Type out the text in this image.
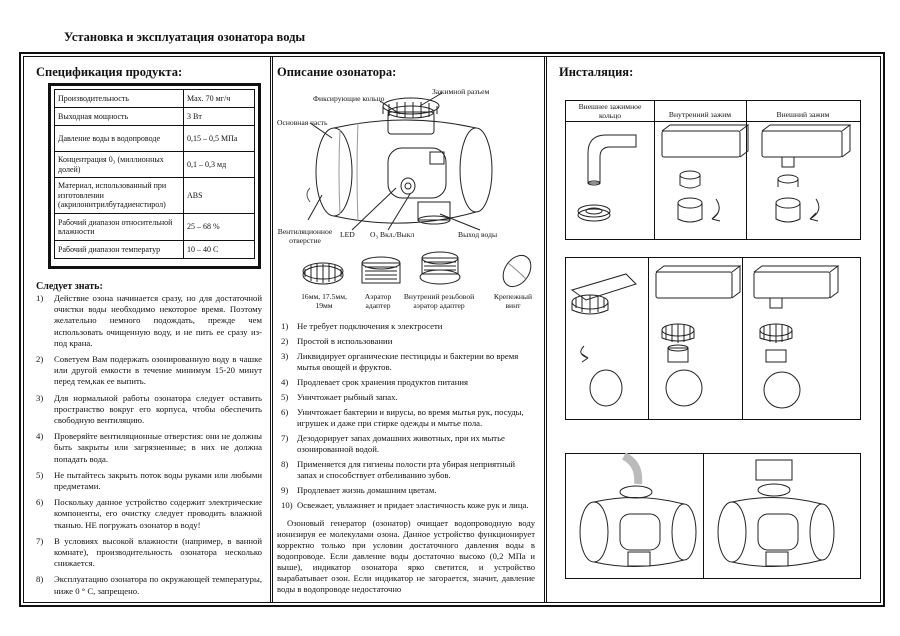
Установка и эксплуатация озонатора воды
Спецификация продукта:
Производительность	Max. 70 мг/ч
Выходная мощность	3 Вт
Давление воды в водопроводе	0,15 – 0,5 МПа
Концентрация 0₃ (миллионных долей)	0,1 – 0,3 мд
Материал, использованный при изготовлении (акрилонитрилбутадиенстирол)	ABS
Рабочий диапазон относительной влажности	25 – 68 %
Рабочий диапазон температур	10 – 40 С
Следует знать:
1) Действие озона начинается сразу, но для достаточной очистки воды необходимо некоторое время. Поэтому желательно немного подождать, прежде чем использовать очищенную воду, и не пить ее сразу из-под крана.
2) Советуем Вам подержать озонированную воду в чашке или другой емкости в течение минимум 15-20 минут перед тем,как ее выпить.
3) Для нормальной работы озонатора следует оставить пространство вокруг его корпуса, чтобы обеспечить свободную вентиляцию.
4) Проверяйте вентиляционные отверстия: они не должны быть закрыты или загрязненные; в них не должна попадать вода.
5) Не пытайтесь закрыть поток воды руками или любыми предметами.
6) Поскольку данное устройство содержит электрические компоненты, его очистку следует проводить влажной тканью. НЕ погружать озонатор в воду!
7) В условиях высокой влажности (например, в ванной комнате), производительность озонатора несколько снижается.
8) Эксплуатацию озонатора по окружающей температуры, ниже 0 ° С, запрещено.
Описание озонатора:
Зажимной разъем
Фиксирующие кольцо
Основная часть
Вентиляционное отверстие
LED O₃ Вкл./Выкл	Выход воды
16мм, 17.5мм, 19мм
Аэратор адаптер
Внутрений резьбовой аэратор адаптер
Крепежный винт
1) Не требует подключения к электросети
2) Простой в использовании
3) Ликвидирует органические пестициды и бактерии во время мытья овощей и фруктов.
4) Продлевает срок хранения продуктов питания
5) Уничтожает рыбный запах.
6) Уничтожает бактерии и вирусы, во время мытья рук, посуды, игрушек и даже при стирке одежды и мытье пола.
7) Дезодорирует запах домашних животных, при их мытье озонированной водой.
8) Применяется для гигиены полости рта убирая неприятный запах и способствует отбеливанию зубов.
9) Продлевает жизнь домашним цветам.
10) Освежает, увлажняет и придает эластичность коже рук и лица.
Озоновый генератор (озонатор) очищает водопроводную воду ионизируя ее молекулами озона. Данное устройство функционирует корректно только при условии достаточного давления воды в водопроводе. Если давление воды достаточно высоко (0,2 МПа и выше), индикатор озонатора ярко светится, и устройство вырабатывает озон. Если индикатор не загорается, значит, давление воды в водопроводе недостаточно
Инсталяция:
Внешнее зажимное кольцо	Внутренний зажим	Внешний зажим
